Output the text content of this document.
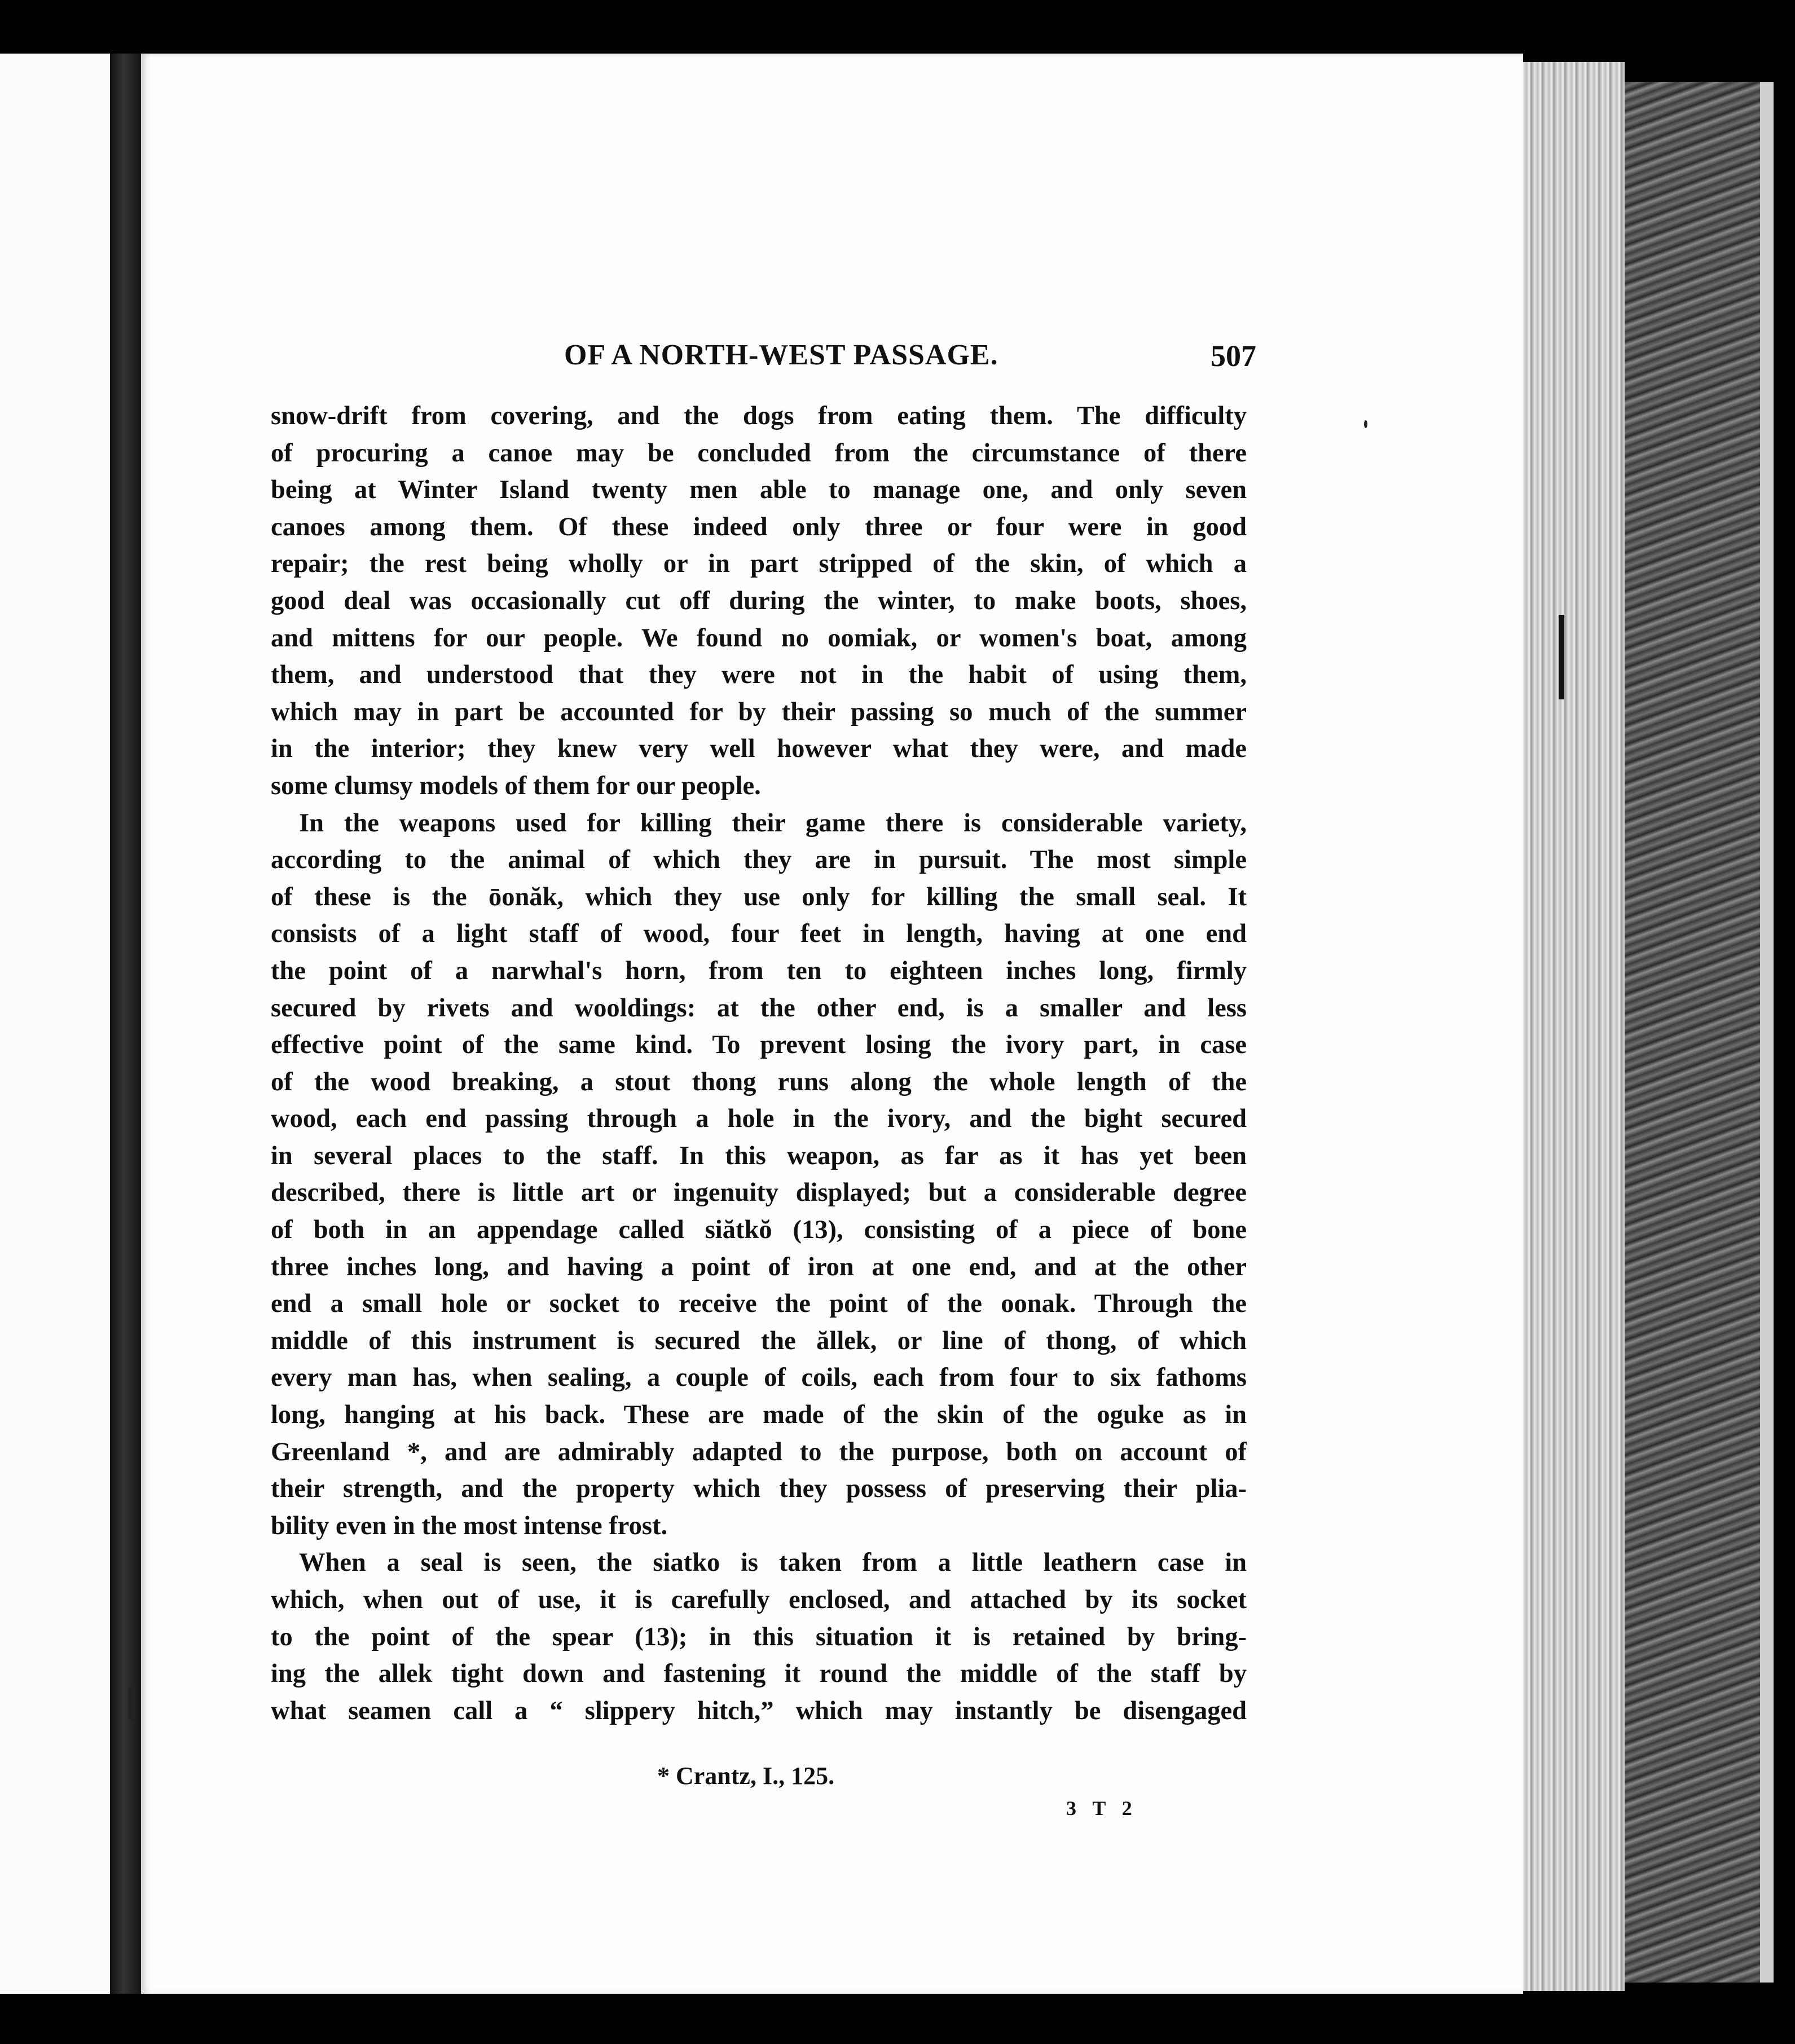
OF A NORTH-WEST PASSAGE.	507
snow-drift from covering, and the dogs from eating them. The difficulty
of procuring a canoe may be concluded from the circumstance of there
being at Winter Island twenty men able to manage one, and only seven
canoes among them. Of these indeed only three or four were in good
repair; the rest being wholly or in part stripped of the skin, of which a
good deal was occasionally cut off during the winter, to make boots, shoes,
and mittens for our people. We found no oomiak, or women's boat, among
them, and understood that they were not in the habit of using them,
which may in part be accounted for by their passing so much of the summer
in the interior; they knew very well however what they were, and made
some clumsy models of them for our people.
In the weapons used for killing their game there is considerable variety,
according to the animal of which they are in pursuit. The most simple
of these is the ōonăk, which they use only for killing the small seal. It
consists of a light staff of wood, four feet in length, having at one end
the point of a narwhal's horn, from ten to eighteen inches long, firmly
secured by rivets and wooldings: at the other end, is a smaller and less
effective point of the same kind. To prevent losing the ivory part, in case
of the wood breaking, a stout thong runs along the whole length of the
wood, each end passing through a hole in the ivory, and the bight secured
in several places to the staff. In this weapon, as far as it has yet been
described, there is little art or ingenuity displayed; but a considerable degree
of both in an appendage called siătkŏ (13), consisting of a piece of bone
three inches long, and having a point of iron at one end, and at the other
end a small hole or socket to receive the point of the oonak. Through the
middle of this instrument is secured the ăllek, or line of thong, of which
every man has, when sealing, a couple of coils, each from four to six fathoms
long, hanging at his back. These are made of the skin of the oguke as in
Greenland *, and are admirably adapted to the purpose, both on account of
their strength, and the property which they possess of preserving their plia-
bility even in the most intense frost.
When a seal is seen, the siatko is taken from a little leathern case in
which, when out of use, it is carefully enclosed, and attached by its socket
to the point of the spear (13); in this situation it is retained by bring-
ing the allek tight down and fastening it round the middle of the staff by
what seamen call a “ slippery hitch,” which may instantly be disengaged
* Crantz, I., 125.
3 T 2
